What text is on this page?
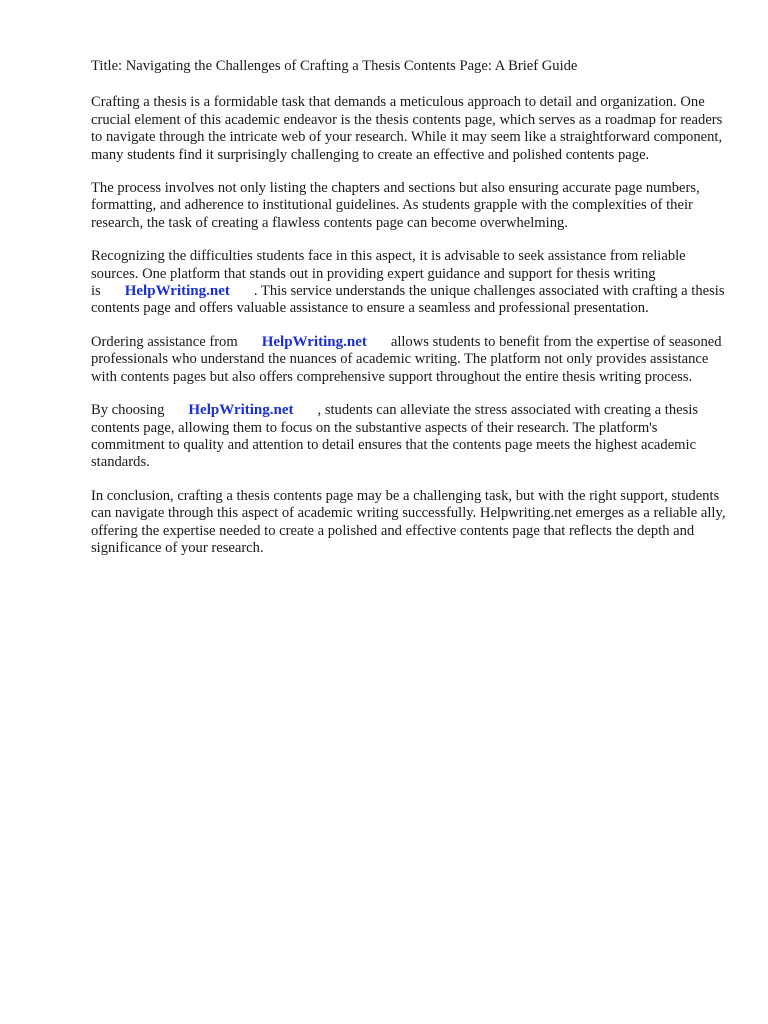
Title: Navigating the Challenges of Crafting a Thesis Contents Page: A Brief Guide

Crafting a thesis is a formidable task that demands a meticulous approach to detail and organization. One crucial element of this academic endeavor is the thesis contents page, which serves as a roadmap for readers to navigate through the intricate web of your research. While it may seem like a straightforward component, many students find it surprisingly challenging to create an effective and polished contents page.

The process involves not only listing the chapters and sections but also ensuring accurate page numbers, formatting, and adherence to institutional guidelines. As students grapple with the complexities of their research, the task of creating a flawless contents page can become overwhelming.

Recognizing the difficulties students face in this aspect, it is advisable to seek assistance from reliable sources. One platform that stands out in providing expert guidance and support for thesis writing is HelpWriting.net . This service understands the unique challenges associated with crafting a thesis contents page and offers valuable assistance to ensure a seamless and professional presentation.

Ordering assistance from HelpWriting.net allows students to benefit from the expertise of seasoned professionals who understand the nuances of academic writing. The platform not only provides assistance with contents pages but also offers comprehensive support throughout the entire thesis writing process.

By choosing HelpWriting.net , students can alleviate the stress associated with creating a thesis contents page, allowing them to focus on the substantive aspects of their research. The platform's commitment to quality and attention to detail ensures that the contents page meets the highest academic standards.

In conclusion, crafting a thesis contents page may be a challenging task, but with the right support, students can navigate through this aspect of academic writing successfully. Helpwriting.net emerges as a reliable ally, offering the expertise needed to create a polished and effective contents page that reflects the depth and significance of your research.
